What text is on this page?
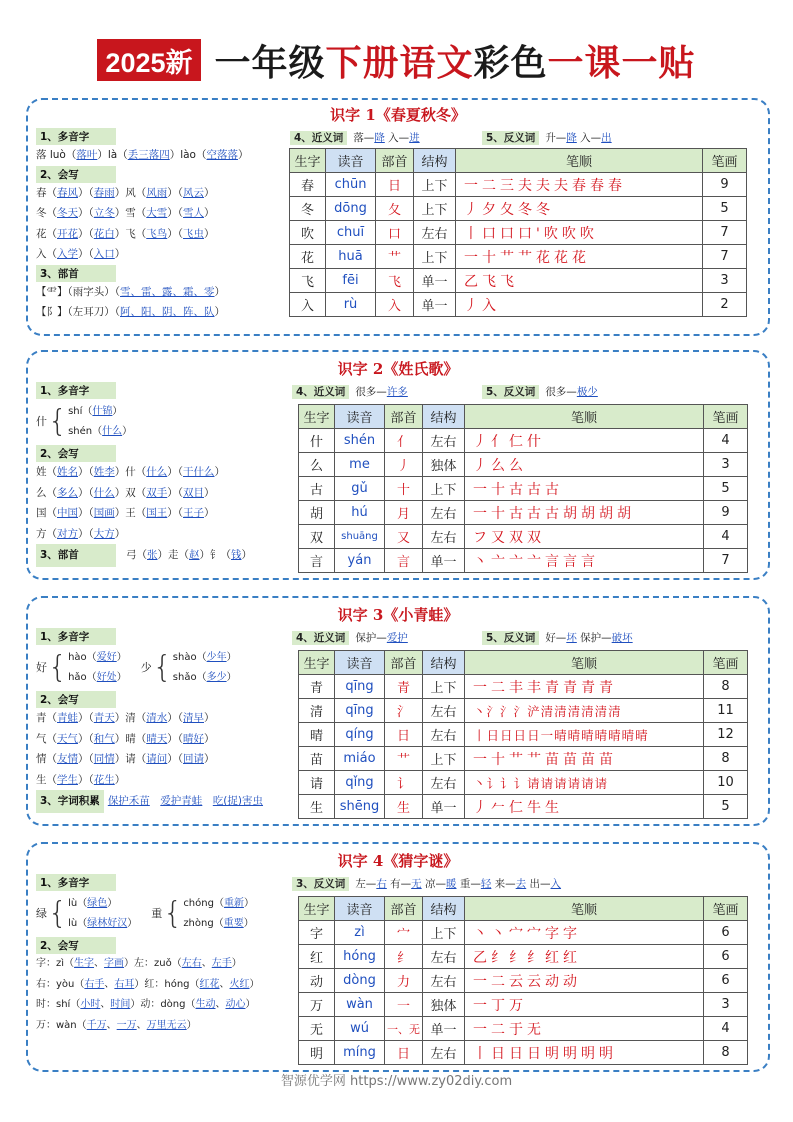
2025新 一年级下册语文彩色一课一贴
识字 1《春夏秋冬》
1、多音字
落 luò（落叶）là（丢三落四）lào（空落落）
2、会写
春（春风）（春雨）风（风雨）（风云）
冬（冬天）（立冬）雪（大雪）（雪人）
花（开花）（花白）飞（飞鸟）（飞虫）
入（入学）（入口）
3、部首
【⻗】（雨字头）（雪、雷、露、霜、零）
【阝】（左耳刀）（阿、阳、阴、阵、队）
4、近义词 落—降 入—进	5、反义词 升—降 入—出
生字	读音	部首	结构	笔顺	笔画
春	chūn	日	上下	一二三夫夫夫春春春	9
冬	dōng	夂	上下	丿夕夂冬冬	5
吹	chuī	口	左右	丨口口口'吹吹吹	7
花	huā	艹	上下	一十艹艹花花花	7
飞	fēi	飞	单一	乙飞飞	3
入	rù	入	单一	丿入	2
识字 2《姓氏歌》
1、多音字
什 { shí（什锦）
shén（什么）
2、会写
姓（姓名）（姓李）什（什么）（干什么）
么（多么）（什么）双（双手）（双目）
国（中国）（国画）王（国王）（王子）
方（对方）（大方）
3、部首	弓（张）走（赵）钅（钱）
4、近义词 很多—许多	5、反义词 很多—极少
生字	读音	部首	结构	笔顺	笔画
什	shén	亻	左右	丿亻仁什	4
么	me	丿	独体	丿么么	3
古	gǔ	十	上下	一十古古古	5
胡	hú	月	左右	一十古古古胡胡胡胡	9
双	shuāng	又	左右	フ又双双	4
言	yán	言	单一	丶亠亠亠言言言	7
识字 3《小青蛙》
1、多音字
好 { hào（爱好）
hǎo（好处）
少 { shào（少年）
shǎo（多少）
2、会写
青（青蛙）（青天）清（清水）（清早）
气（天气）（和气）晴（晴天）（晴好）
情（友情）（同情）请（请问）（回请）
生（学生）（花生）
3、字词积累 保护禾苗　 爱护青蛙　 吃(捉)害虫
4、近义词 保护—爱护	5、反义词 好—坏 保护—破坏
生字	读音	部首	结构	笔顺	笔画
青	qīng	青	上下	一二丰丰青青青青	8
清	qīng	氵	左右	丶氵氵氵浐清清清清清清	11
晴	qíng	日	左右	丨日日日日一晴晴晴晴晴晴晴	12
苗	miáo	艹	上下	一十艹艹苗苗苗苗	8
请	qǐng	讠	左右	丶讠讠讠请请请请请请	10
生	shēng	生	单一	丿𠂉仁牛生	5
识字 4《猜字谜》
1、多音字
绿 { lù（绿色）
lù（绿林好汉）
重 { chóng（重新）
zhòng（重要）
2、会写
字：zì（生字、字画）左：zuǒ（左右、左手）
右：yòu（右手、右耳）红：hóng（红花、火红）
时：shí（小时、时间）动：dòng（生动、动心）
万：wàn（千万、一万、万里无云）
3、反义词 左—右 有—无 凉—暖 重—轻 来—去 出—入
生字	读音	部首	结构	笔顺	笔画
字	zì	宀	上下	丶丶宀宀字字	6
红	hóng	纟	左右	乙纟纟纟红红	6
动	dòng	力	左右	一二云云动动	6
万	wàn	一	独体	一丁万	3
无	wú	一、无	单一	一二于无	4
明	míng	日	左右	丨日日日明明明明	8
智源优学网 https://www.zy02diy.com
